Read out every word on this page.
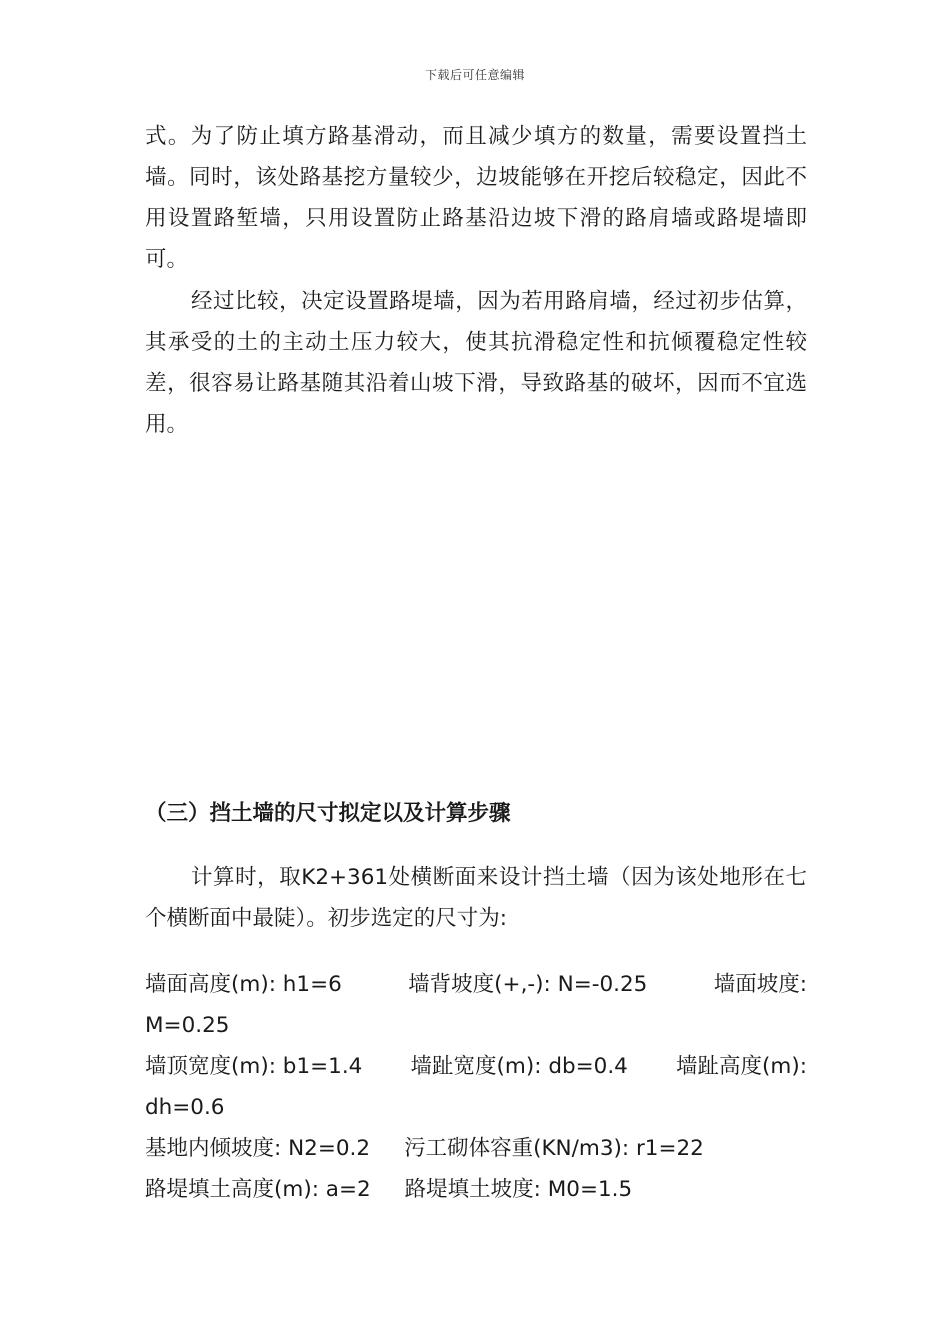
下载后可任意编辑

式。为了防止填方路基滑动，而且减少填方的数量，需要设置挡土墙。同时，该处路基挖方量较少，边坡能够在开挖后较稳定，因此不用设置路堑墙，只用设置防止路基沿边坡下滑的路肩墙或路堤墙即可。

经过比较，决定设置路堤墙，因为若用路肩墙，经过初步估算，其承受的土的主动土压力较大，使其抗滑稳定性和抗倾覆稳定性较差，很容易让路基随其沿着山坡下滑，导致路基的破坏，因而不宜选用。

（三）挡土墙的尺寸拟定以及计算步骤

计算时，取K2+361处横断面来设计挡土墙（因为该处地形在七个横断面中最陡）。初步选定的尺寸为:

墙面高度(m): h1=6	墙背坡度(+,-): N=-0.25	墙面坡度:
M=0.25
墙顶宽度(m): b1=1.4 墙趾宽度(m): db=0.4 墙趾高度(m):
dh=0.6
基地内倾坡度: N2=0.2 污工砌体容重(KN/m3): r1=22
路堤填土高度(m): a=2 路堤填土坡度: M0=1.5
